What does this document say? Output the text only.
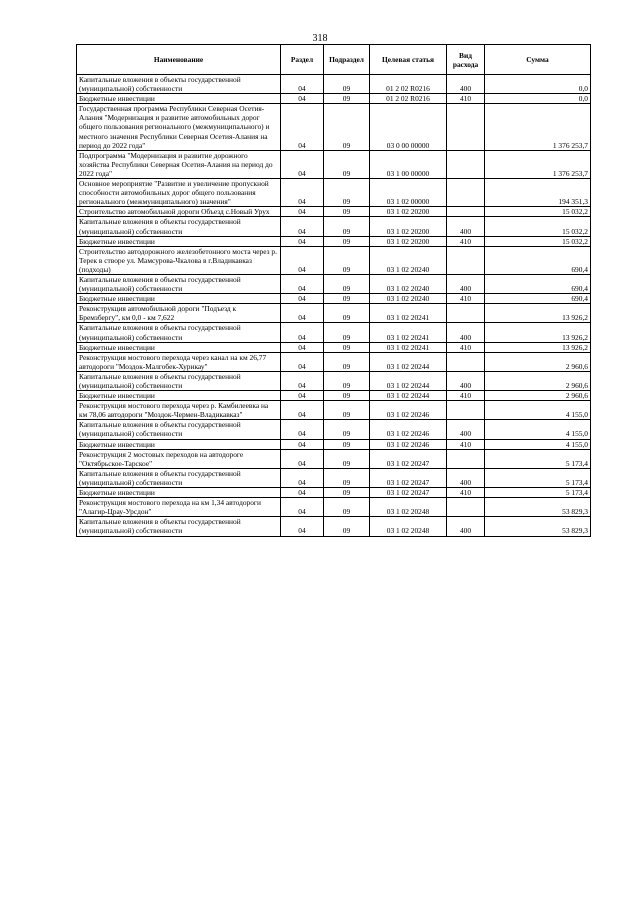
318
Наименование	Раздел	Подраздел	Целевая статья	Вид расхода	Сумма
Капитальные вложения в объекты государственной (муниципальной) собственности	04	09	01 2 02 R0216	400	0,0
Бюджетные инвестиции	04	09	01 2 02 R0216	410	0,0
Государственная программа Республики Северная Осетия-Алания "Модернизация и развитие автомобильных дорог общего пользования регионального (межмуниципального) и местного значения Республики Северная Осетия-Алания на период до 2022 года"	04	09	03 0 00 00000		1 376 253,7
Подпрограмма "Модернизация и развитие дорожного хозяйства Республики Северная Осетия-Алания на период до 2022 года"	04	09	03 1 00 00000		1 376 253,7
Основное мероприятие "Развитие и увеличение пропускной способности автомобильных дорог общего пользования регионального (межмуниципального) значения"	04	09	03 1 02 00000		194 351,3
Строительство автомобильной дороги Объезд с.Новый Урух	04	09	03 1 02 20200		15 032,2
Капитальные вложения в объекты государственной (муниципальной) собственности	04	09	03 1 02 20200	400	15 032,2
Бюджетные инвестиции	04	09	03 1 02 20200	410	15 032,2
Строительство автодорожного железобетонного моста через р. Терек в створе ул. Мамсурова-Чкалова в г.Владикавказ (подходы)	04	09	03 1 02 20240		690,4
Капитальные вложения в объекты государственной (муниципальной) собственности	04	09	03 1 02 20240	400	690,4
Бюджетные инвестиции	04	09	03 1 02 20240	410	690,4
Реконструкция автомобильной дороги "Подъезд к Бремзбергу", км 0,0 - км 7,622	04	09	03 1 02 20241		13 926,2
Капитальные вложения в объекты государственной (муниципальной) собственности	04	09	03 1 02 20241	400	13 926,2
Бюджетные инвестиции	04	09	03 1 02 20241	410	13 926,2
Реконструкция мостового перехода через канал на км 26,77 автодороги "Моздок-Малгобек-Хурикау"	04	09	03 1 02 20244		2 960,6
Капитальные вложения в объекты государственной (муниципальной) собственности	04	09	03 1 02 20244	400	2 960,6
Бюджетные инвестиции	04	09	03 1 02 20244	410	2 960,6
Реконструкция мостового перехода через р. Камбилеевка на км 78,06 автодороги "Моздок-Чермен-Владикавказ"	04	09	03 1 02 20246		4 155,0
Капитальные вложения в объекты государственной (муниципальной) собственности	04	09	03 1 02 20246	400	4 155,0
Бюджетные инвестиции	04	09	03 1 02 20246	410	4 155,0
Реконструкция 2 мостовых переходов на автодороге "Октябрьское-Тарское"	04	09	03 1 02 20247		5 173,4
Капитальные вложения в объекты государственной (муниципальной) собственности	04	09	03 1 02 20247	400	5 173,4
Бюджетные инвестиции	04	09	03 1 02 20247	410	5 173,4
Реконструкция мостового перехода на км 1,34 автодороги "Алагир-Црау-Урсдон"	04	09	03 1 02 20248		53 829,3
Капитальные вложения в объекты государственной (муниципальной) собственности	04	09	03 1 02 20248	400	53 829,3
